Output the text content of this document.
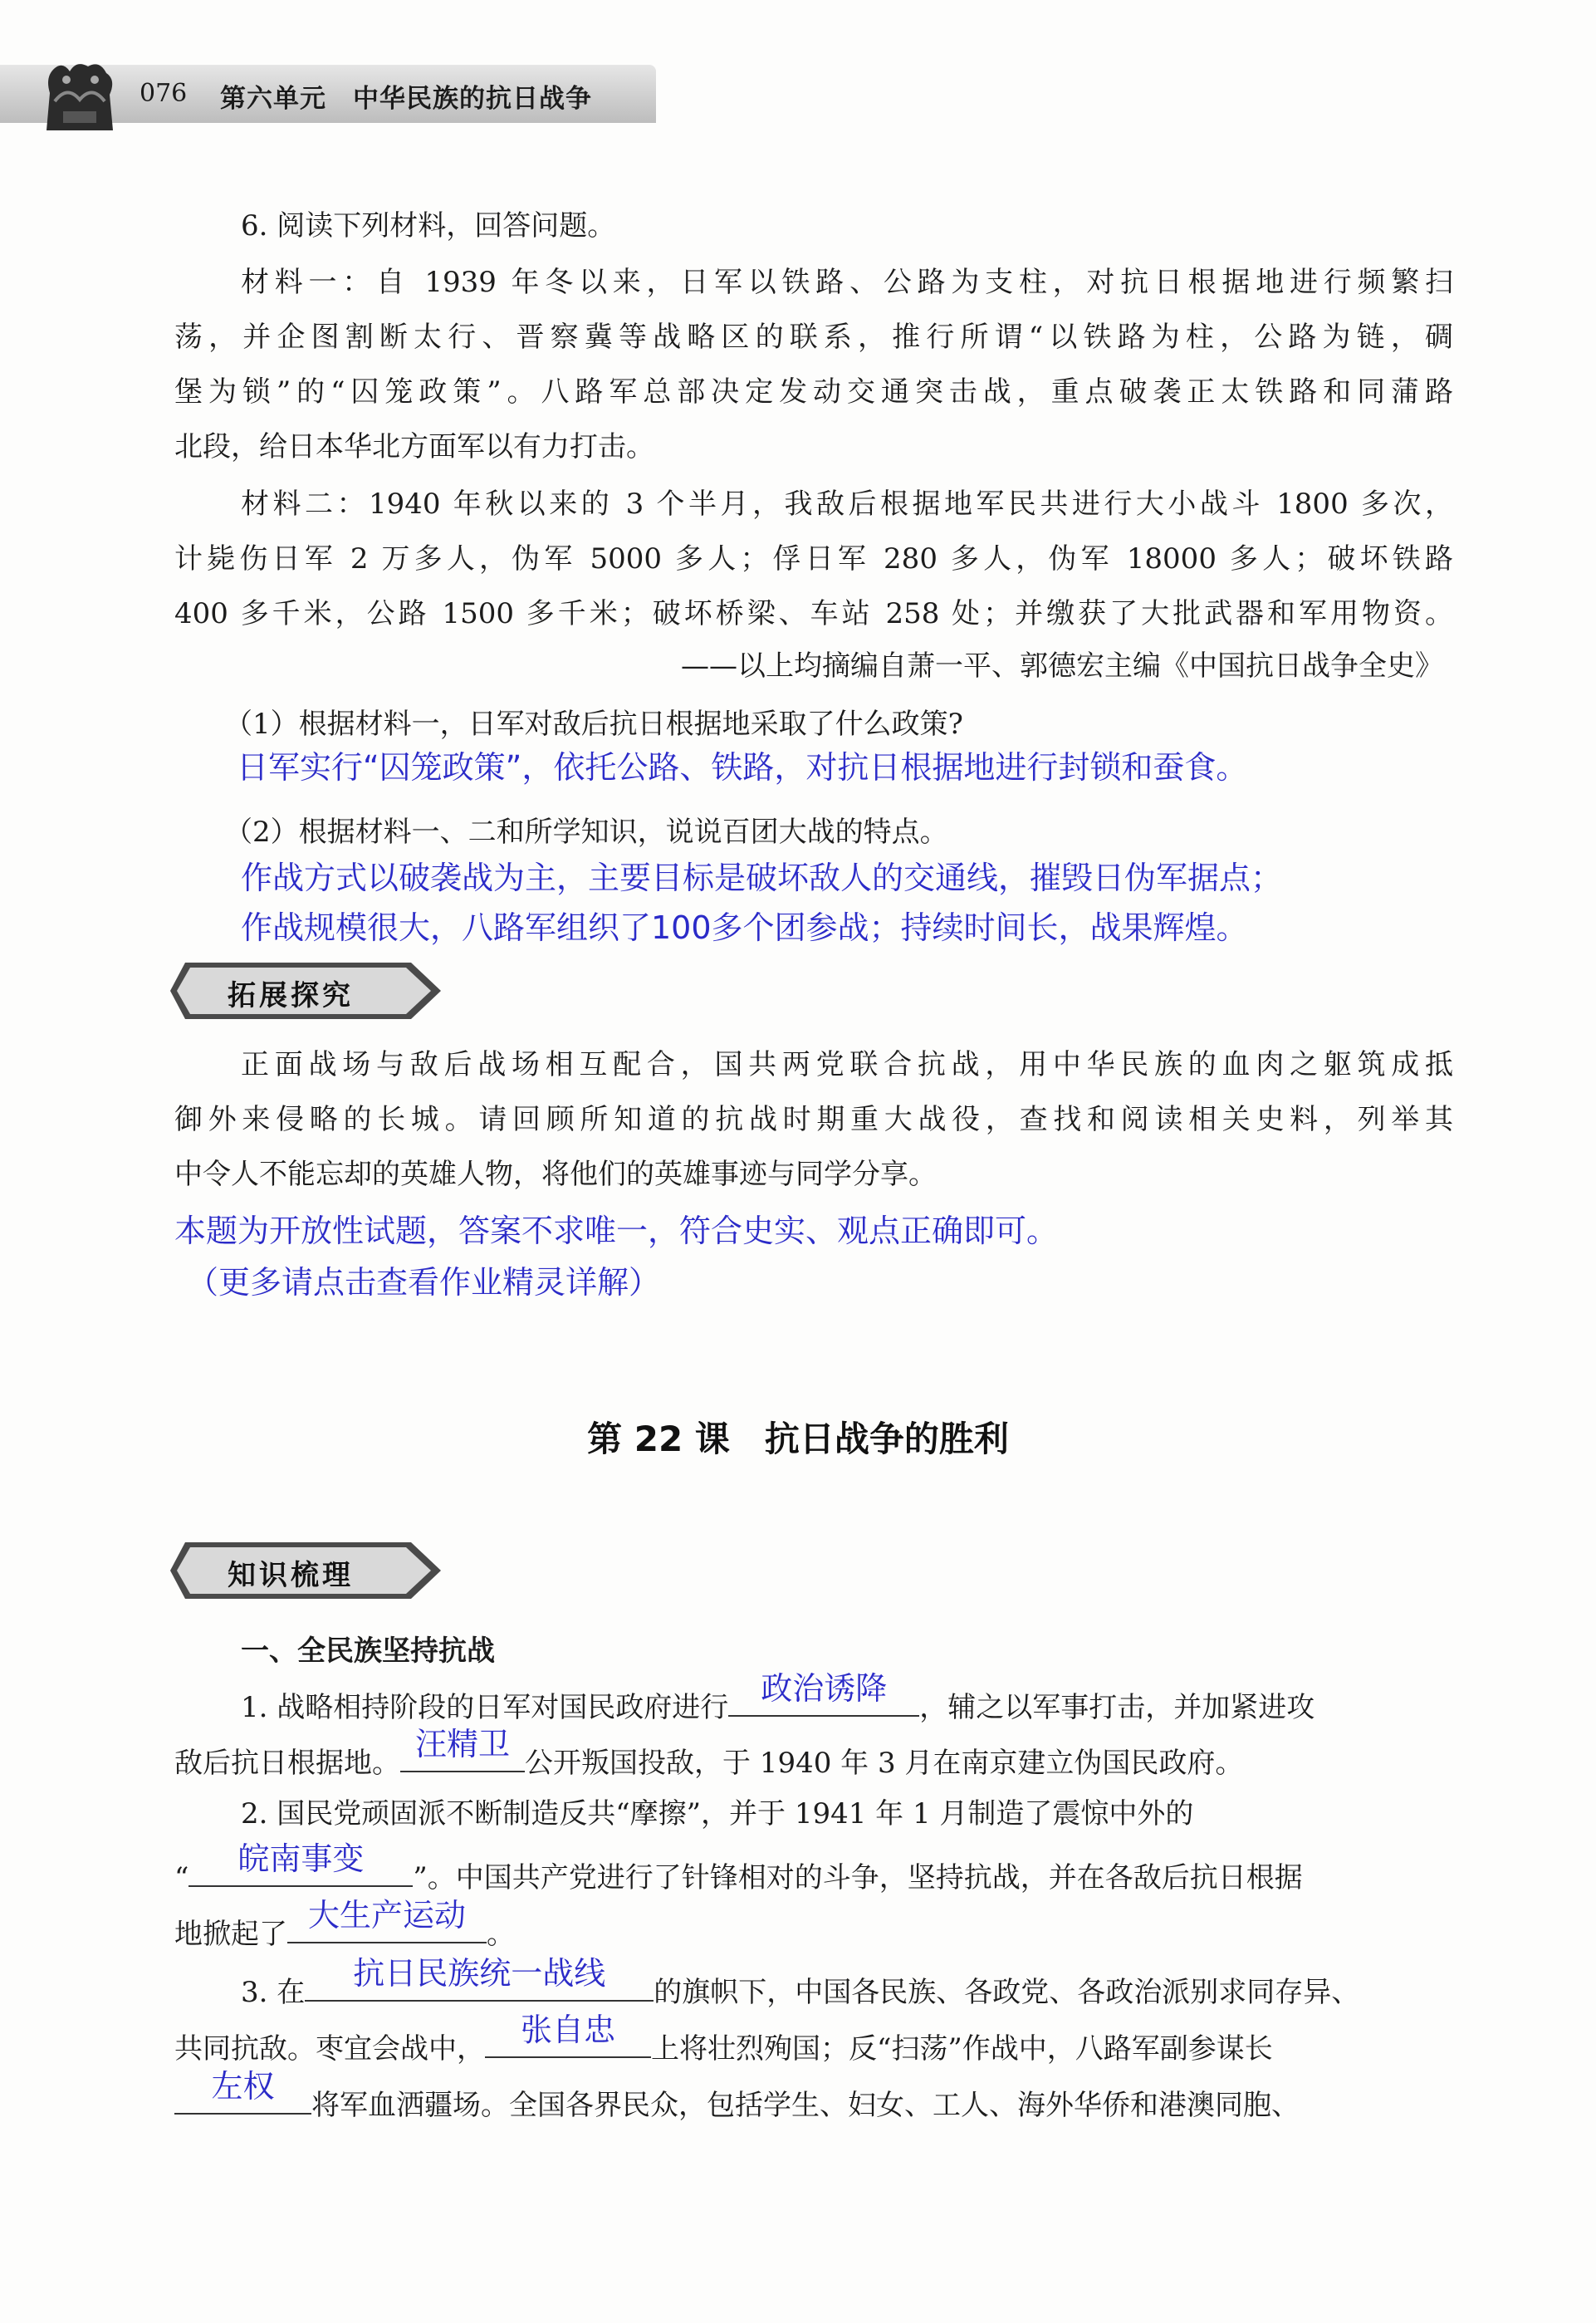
076 第六单元　中华民族的抗日战争
6. 阅读下列材料，回答问题。
材料一：自 1939 年冬以来，日军以铁路、公路为支柱，对抗日根据地进行频繁扫
荡，并企图割断太行、晋察冀等战略区的联系，推行所谓“以铁路为柱，公路为链，碉
堡为锁”的“囚笼政策”。八路军总部决定发动交通突击战，重点破袭正太铁路和同蒲路
北段，给日本华北方面军以有力打击。
材料二：1940 年秋以来的 3 个半月，我敌后根据地军民共进行大小战斗 1800 多次，
计毙伤日军 2 万多人，伪军 5000 多人；俘日军 280 多人，伪军 18000 多人；破坏铁路
400 多千米，公路 1500 多千米；破坏桥梁、车站 258 处；并缴获了大批武器和军用物资。
——以上均摘编自萧一平、郭德宏主编《中国抗日战争全史》
（1）根据材料一，日军对敌后抗日根据地采取了什么政策?
日军实行“囚笼政策”，依托公路、铁路，对抗日根据地进行封锁和蚕食。
（2）根据材料一、二和所学知识，说说百团大战的特点。
作战方式以破袭战为主，主要目标是破坏敌人的交通线，摧毁日伪军据点；
作战规模很大，八路军组织了100多个团参战；持续时间长，战果辉煌。
拓展探究
正面战场与敌后战场相互配合，国共两党联合抗战，用中华民族的血肉之躯筑成抵
御外来侵略的长城。请回顾所知道的抗战时期重大战役，查找和阅读相关史料，列举其
中令人不能忘却的英雄人物，将他们的英雄事迹与同学分享。
本题为开放性试题，答案不求唯一，符合史实、观点正确即可。
（更多请点击查看作业精灵详解）
第 22 课　抗日战争的胜利
知识梳理
一、全民族坚持抗战
1. 战略相持阶段的日军对国民政府进行
政治诱降
，辅之以军事打击，并加紧进攻
敌后抗日根据地。
汪精卫
公开叛国投敌，于 1940 年 3 月在南京建立伪国民政府。
2. 国民党顽固派不断制造反共“摩擦”，并于 1941 年 1 月制造了震惊中外的
“
皖南事变
”。中国共产党进行了针锋相对的斗争，坚持抗战，并在各敌后抗日根据
地掀起了
大生产运动
。
3. 在
抗日民族统一战线
的旗帜下，中国各民族、各政党、各政治派别求同存异、
共同抗敌。枣宜会战中，
张自忠
上将壮烈殉国；反“扫荡”作战中，八路军副参谋长
左权
将军血洒疆场。全国各界民众，包括学生、妇女、工人、海外华侨和港澳同胞、
